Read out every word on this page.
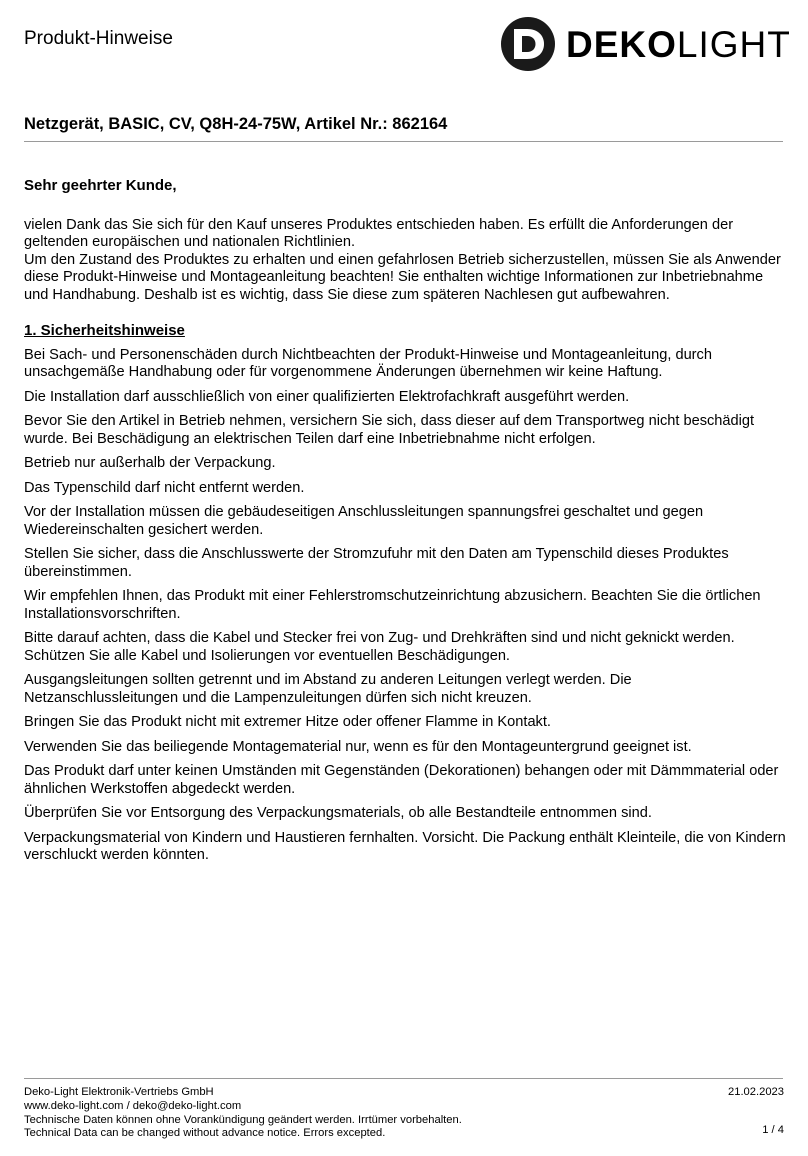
Produkt-Hinweise	DEKOLIGHT
Netzgerät, BASIC, CV, Q8H-24-75W, Artikel Nr.: 862164

Sehr geehrter Kunde,

vielen Dank das Sie sich für den Kauf unseres Produktes entschieden haben. Es erfüllt die Anforderungen der geltenden europäischen und nationalen Richtlinien.

Um den Zustand des Produktes zu erhalten und einen gefahrlosen Betrieb sicherzustellen, müssen Sie als Anwender diese Produkt-Hinweise und Montageanleitung beachten! Sie enthalten wichtige Informationen zur Inbetriebnahme und Handhabung. Deshalb ist es wichtig, dass Sie diese zum späteren Nachlesen gut aufbewahren.

1. Sicherheitshinweise

Bei Sach- und Personenschäden durch Nichtbeachten der Produkt-Hinweise und Montageanleitung, durch unsachgemäße Handhabung oder für vorgenommene Änderungen übernehmen wir keine Haftung.

Die Installation darf ausschließlich von einer qualifizierten Elektrofachkraft ausgeführt werden.

Bevor Sie den Artikel in Betrieb nehmen, versichern Sie sich, dass dieser auf dem Transportweg nicht beschädigt wurde. Bei Beschädigung an elektrischen Teilen darf eine Inbetriebnahme nicht erfolgen.

Betrieb nur außerhalb der Verpackung.

Das Typenschild darf nicht entfernt werden.

Vor der Installation müssen die gebäudeseitigen Anschlussleitungen spannungsfrei geschaltet und gegen Wiedereinschalten gesichert werden.

Stellen Sie sicher, dass die Anschlusswerte der Stromzufuhr mit den Daten am Typenschild dieses Produktes übereinstimmen.

Wir empfehlen Ihnen, das Produkt mit einer Fehlerstromschutzeinrichtung abzusichern. Beachten Sie die örtlichen Installationsvorschriften.

Bitte darauf achten, dass die Kabel und Stecker frei von Zug- und Drehkräften sind und nicht geknickt werden. Schützen Sie alle Kabel und Isolierungen vor eventuellen Beschädigungen.

Ausgangsleitungen sollten getrennt und im Abstand zu anderen Leitungen verlegt werden. Die Netzanschlussleitungen und die Lampenzuleitungen dürfen sich nicht kreuzen.

Bringen Sie das Produkt nicht mit extremer Hitze oder offener Flamme in Kontakt.

Verwenden Sie das beiliegende Montagematerial nur, wenn es für den Montageuntergrund geeignet ist.

Das Produkt darf unter keinen Umständen mit Gegenständen (Dekorationen) behangen oder mit Dämmmaterial oder ähnlichen Werkstoffen abgedeckt werden.

Überprüfen Sie vor Entsorgung des Verpackungsmaterials, ob alle Bestandteile entnommen sind.

Verpackungsmaterial von Kindern und Haustieren fernhalten. Vorsicht. Die Packung enthält Kleinteile, die von Kindern verschluckt werden könnten.

Deko-Light Elektronik-Vertriebs GmbH

www.deko-light.com / deko@deko-light.com

Technische Daten können ohne Vorankündigung geändert werden. Irrtümer vorbehalten.

Technical Data can be changed without advance notice. Errors excepted.

21.02.2023
1 / 4
